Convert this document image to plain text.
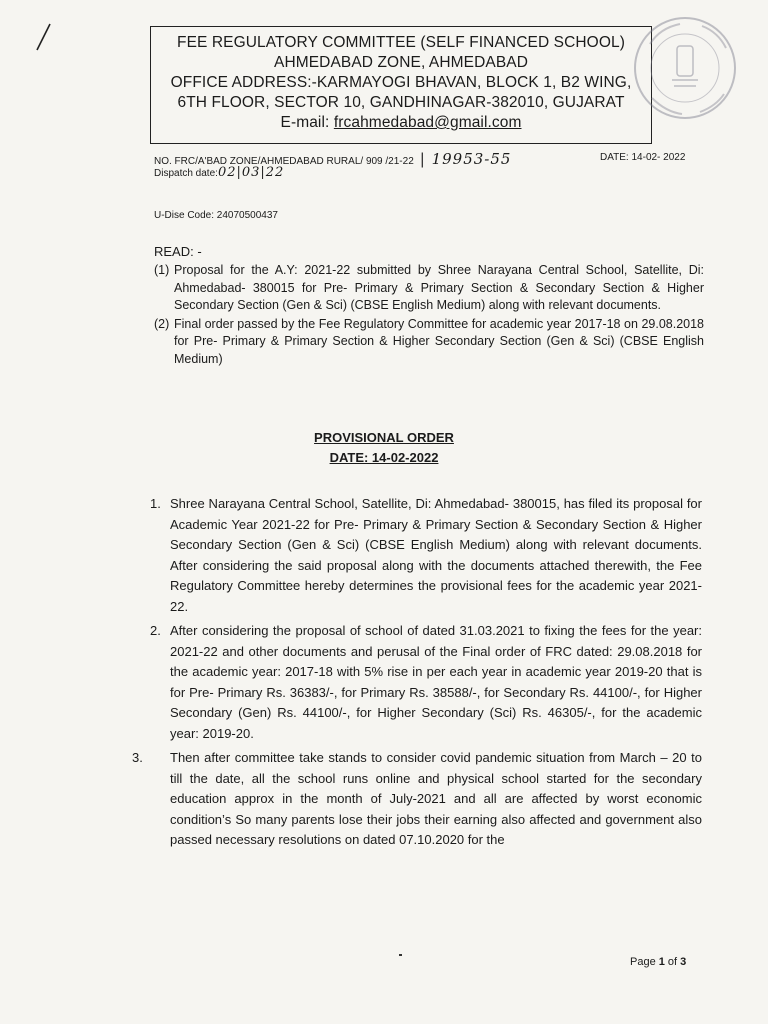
FEE REGULATORY COMMITTEE (SELF FINANCED SCHOOL)
AHMEDABAD ZONE, AHMEDABAD
OFFICE ADDRESS:-KARMAYOGI BHAVAN, BLOCK 1, B2 WING,
6TH FLOOR, SECTOR 10, GANDHINAGAR-382010, GUJARAT
E-mail: frcahmedabad@gmail.com
NO. FRC/A'BAD ZONE/AHMEDABAD RURAL/ 909 /21-22 | 19953-55	DATE: 14-02- 2022
Dispatch date:02|03|22
U-Dise Code: 24070500437
READ: -
(1) Proposal for the A.Y: 2021-22 submitted by Shree Narayana Central School, Satellite, Di: Ahmedabad- 380015 for Pre- Primary & Primary Section & Secondary Section & Higher Secondary Section (Gen & Sci) (CBSE English Medium) along with relevant documents.
(2) Final order passed by the Fee Regulatory Committee for academic year 2017-18 on 29.08.2018 for Pre- Primary & Primary Section & Higher Secondary Section (Gen & Sci) (CBSE English Medium)
PROVISIONAL ORDER
DATE: 14-02-2022
1. Shree Narayana Central School, Satellite, Di: Ahmedabad- 380015, has filed its proposal for Academic Year 2021-22 for Pre- Primary & Primary Section & Secondary Section & Higher Secondary Section (Gen & Sci) (CBSE English Medium) along with relevant documents. After considering the said proposal along with the documents attached therewith, the Fee Regulatory Committee hereby determines the provisional fees for the academic year 2021-22.
2. After considering the proposal of school of dated 31.03.2021 to fixing the fees for the year: 2021-22 and other documents and perusal of the Final order of FRC dated: 29.08.2018 for the academic year: 2017-18 with 5% rise in per each year in academic year 2019-20 that is for Pre- Primary Rs. 36383/-, for Primary Rs. 38588/-, for Secondary Rs. 44100/-, for Higher Secondary (Gen) Rs. 44100/-, for Higher Secondary (Sci) Rs. 46305/-, for the academic year: 2019-20.
3. Then after committee take stands to consider covid pandemic situation from March – 20 to till the date, all the school runs online and physical school started for the secondary education approx in the month of July-2021 and all are affected by worst economic condition’s So many parents lose their jobs their earning also affected and government also passed necessary resolutions on dated 07.10.2020 for the
Page 1 of 3
